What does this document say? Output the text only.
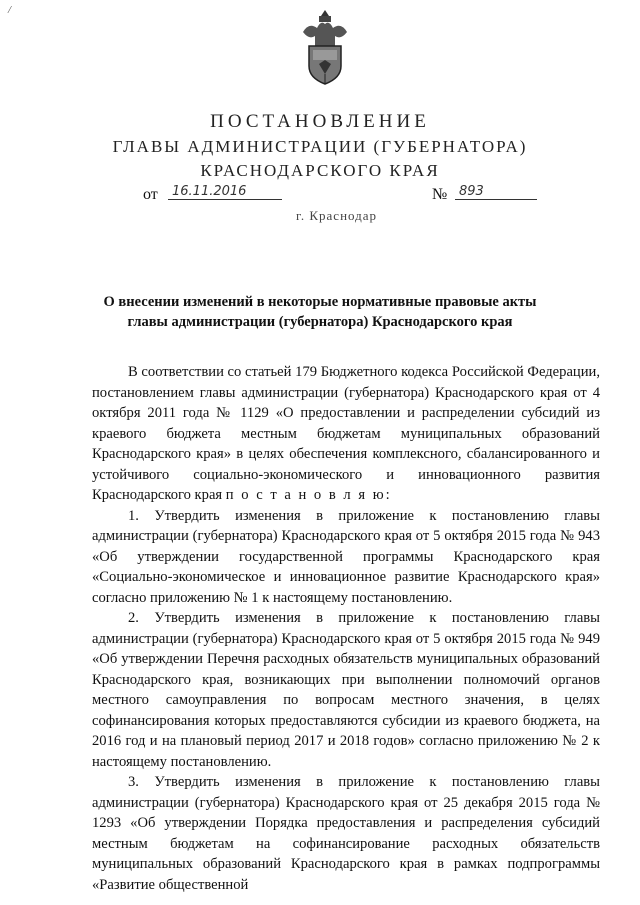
/
ПОСТАНОВЛЕНИЕ
ГЛАВЫ АДМИНИСТРАЦИИ (ГУБЕРНАТОРА)
КРАСНОДАРСКОГО КРАЯ
от	16.11.2016	№ 893
г. Краснодар
О внесении изменений в некоторые нормативные правовые акты
главы администрации (губернатора) Краснодарского края

В соответствии со статьей 179 Бюджетного кодекса Российской Федерации, постановлением главы администрации (губернатора) Краснодарского края от 4 октября 2011 года № 1129 «О предоставлении и распределении субсидий из краевого бюджета местным бюджетам муниципальных образований Краснодарского края» в целях обеспечения комплексного, сбалансированного и устойчивого социально-экономического и инновационного развития Краснодарского края п о с т а н о в л я ю:

1. Утвердить изменения в приложение к постановлению главы администрации (губернатора) Краснодарского края от 5 октября 2015 года № 943 «Об утверждении государственной программы Краснодарского края «Социально-экономическое и инновационное развитие Краснодарского края» согласно приложению № 1 к настоящему постановлению.

2. Утвердить изменения в приложение к постановлению главы администрации (губернатора) Краснодарского края от 5 октября 2015 года № 949 «Об утверждении Перечня расходных обязательств муниципальных образований Краснодарского края, возникающих при выполнении полномочий органов местного самоуправления по вопросам местного значения, в целях софинансирования которых предоставляются субсидии из краевого бюджета, на 2016 год и на плановый период 2017 и 2018 годов» согласно приложению № 2 к настоящему постановлению.

3. Утвердить изменения в приложение к постановлению главы администрации (губернатора) Краснодарского края от 25 декабря 2015 года № 1293 «Об утверждении Порядка предоставления и распределения субсидий местным бюджетам на софинансирование расходных обязательств муниципальных образований Краснодарского края в рамках подпрограммы «Развитие общественной
